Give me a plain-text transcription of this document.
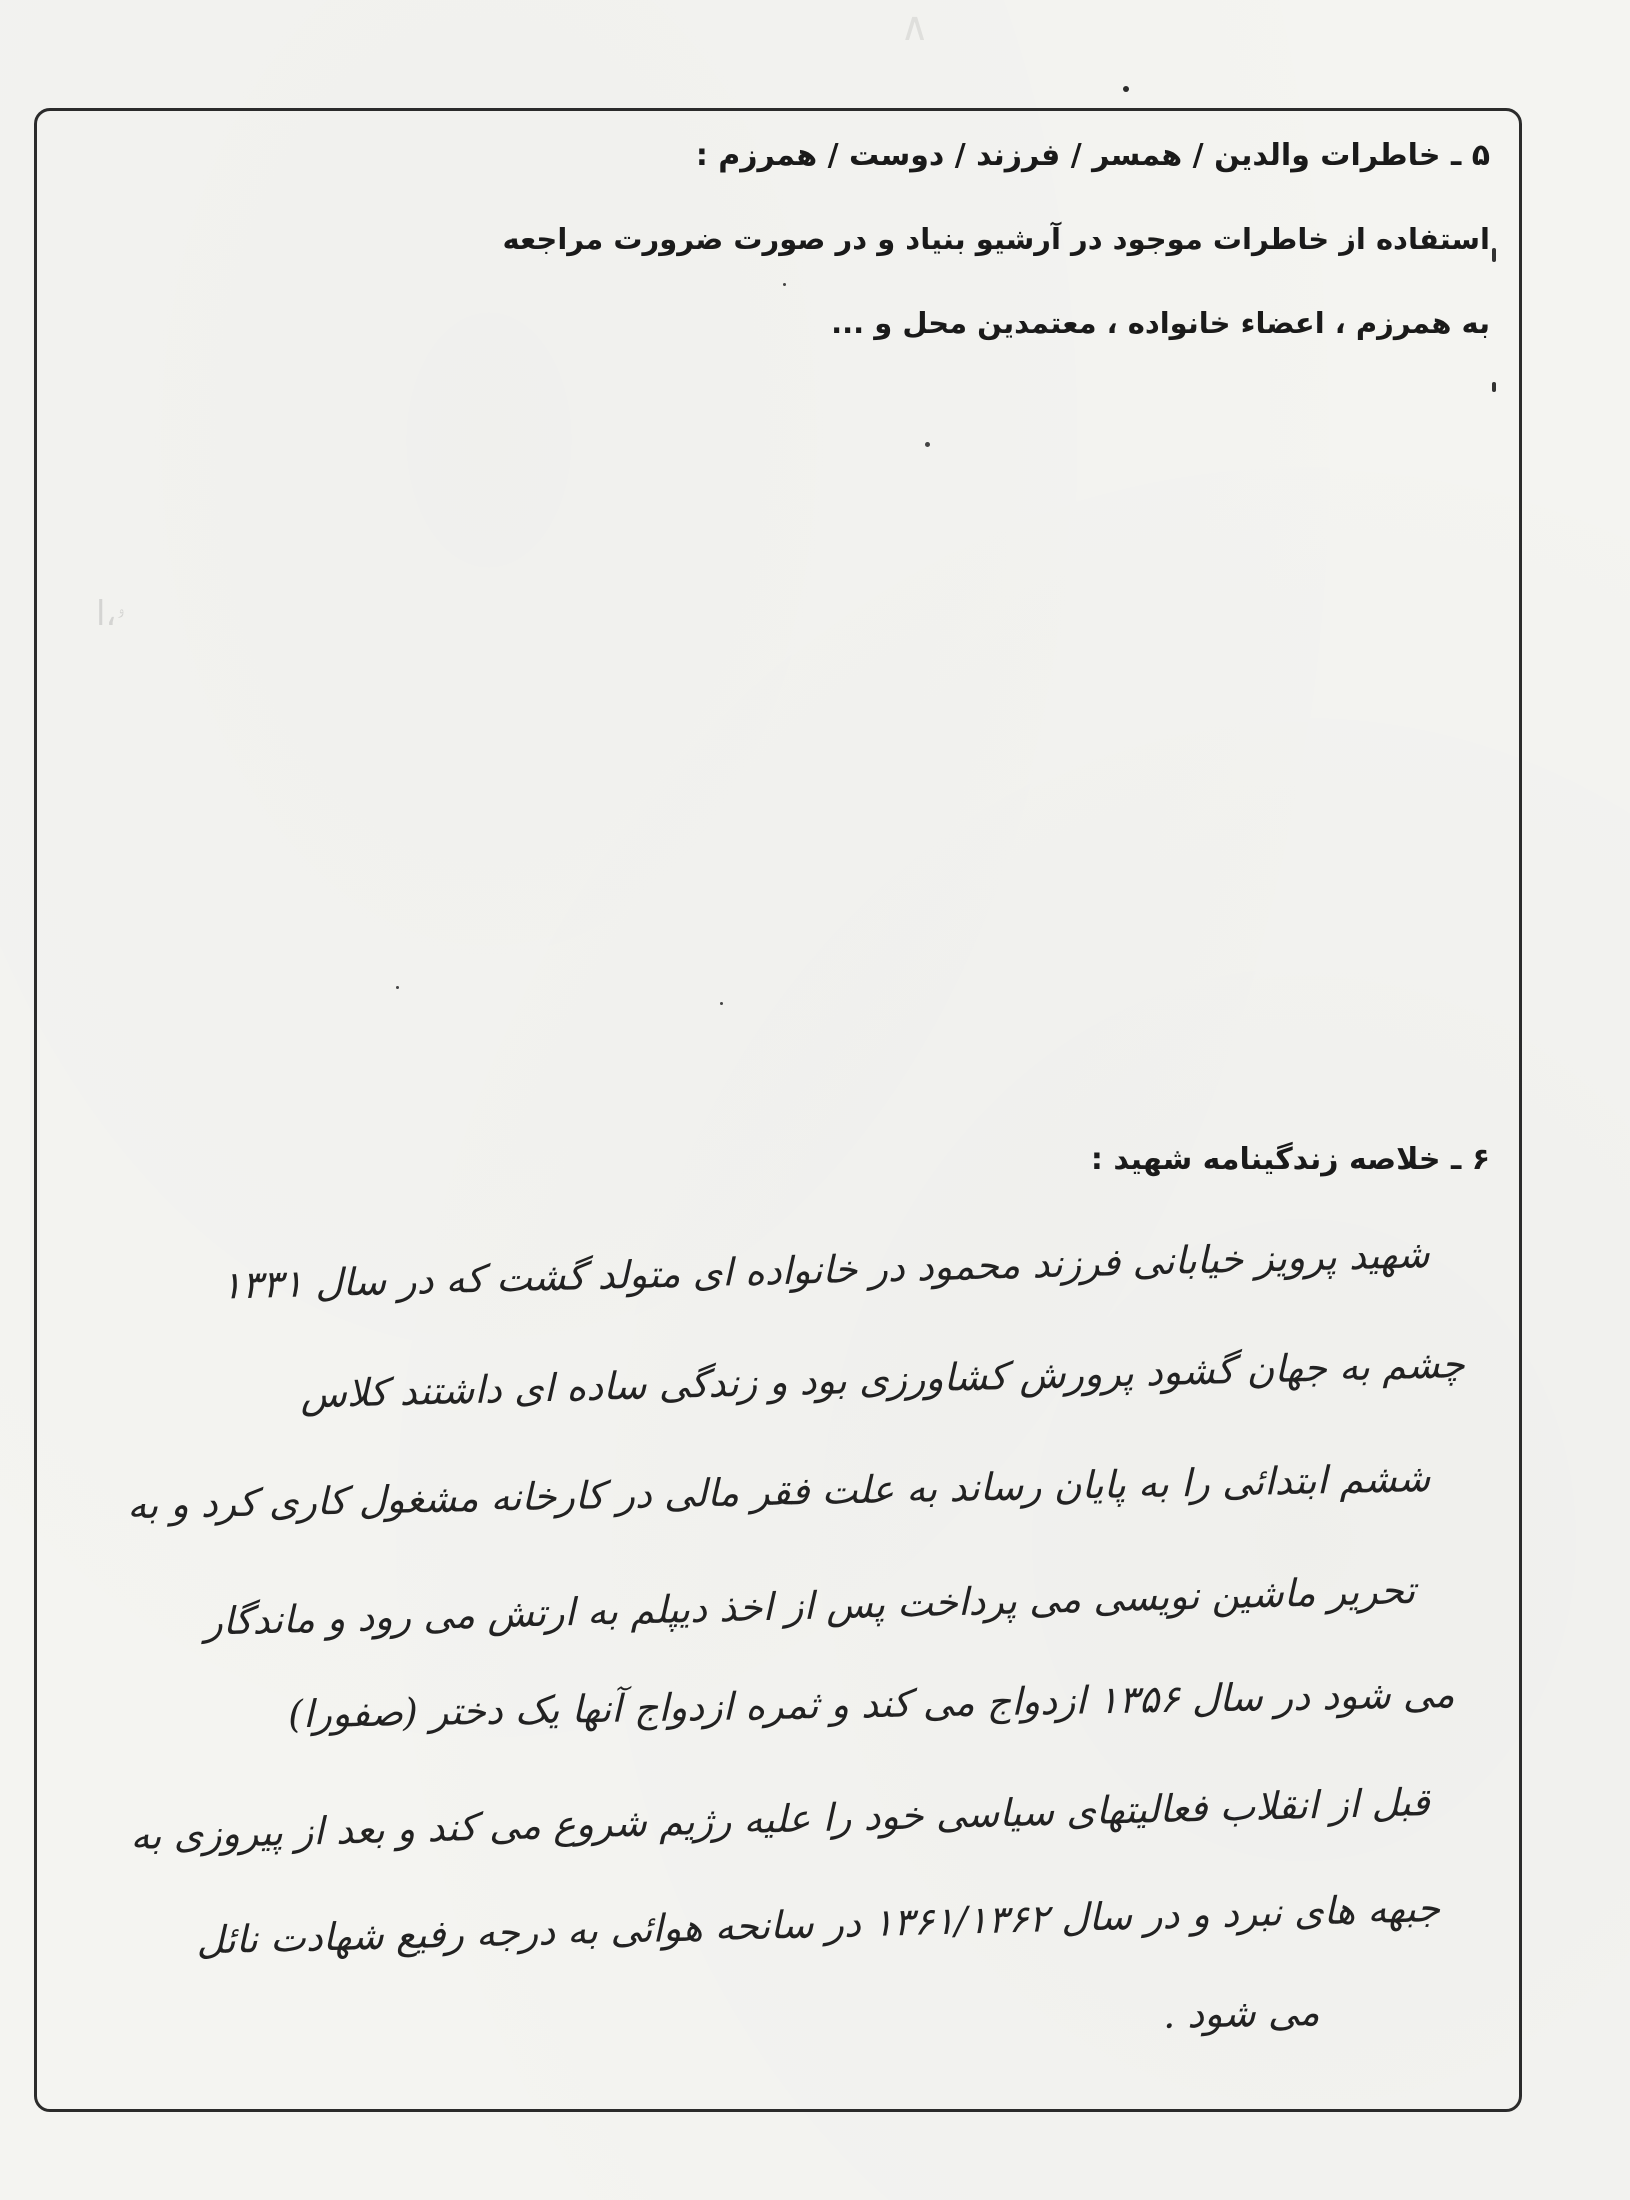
∧
۵ ـ خاطرات والدین / همسر / فرزند / دوست / همرزم :
استفاده از خاطرات موجود در آرشیو بنیاد و در صورت ضرورت مراجعه
به همرزم ، اعضاء خانواده ، معتمدین محل و ...
ۥ،ا
۶ ـ خلاصه زندگینامه شهید :
شهید پرویز خیابانی فرزند محمود در خانواده ای متولد گشت که در سال ۱۳۳۱
چشم به جهان گشود پرورش کشاورزی بود و زندگی ساده ای داشتند کلاس
ششم ابتدائی را به پایان رساند به علت فقر مالی در کارخانه مشغول کاری کرد و به
تحریر ماشین نویسی می پرداخت پس از اخذ دیپلم به ارتش می رود و ماندگار
می شود در سال ۱۳۵۶ ازدواج می کند و ثمره ازدواج آنها یک دختر (صفورا)
قبل از انقلاب فعالیتهای سیاسی خود را علیه رژیم شروع می کند و بعد از پیروزی به
جبهه های نبرد و در سال ۱۳۶۱/۱۳۶۲ در سانحه هوائی به درجه رفیع شهادت نائل
می شود .
